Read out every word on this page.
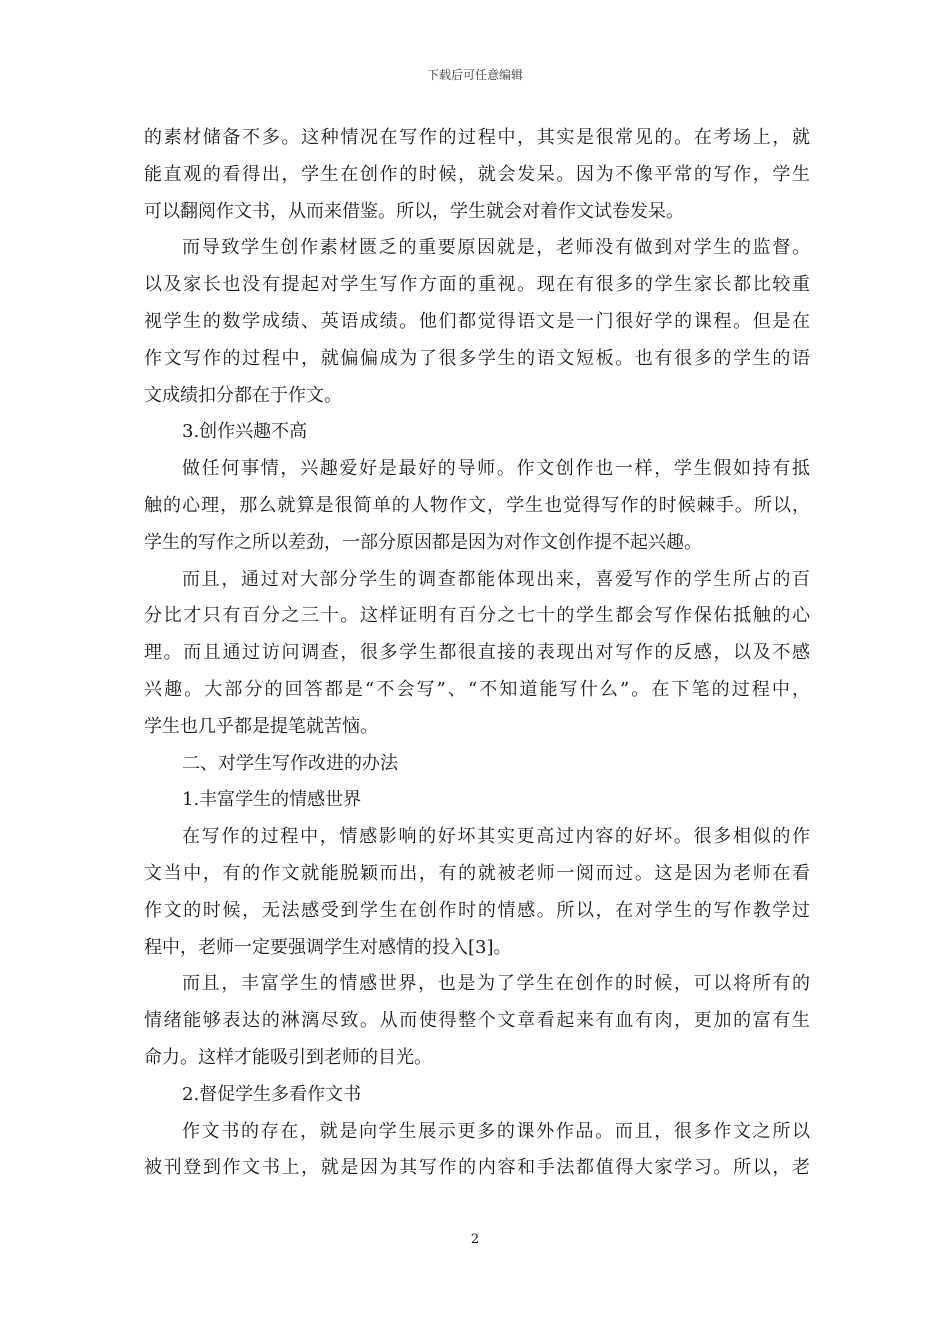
下载后可任意编辑
的素材储备不多。这种情况在写作的过程中，其实是很常见的。在考场上，就
能直观的看得出，学生在创作的时候，就会发呆。因为不像平常的写作，学生
可以翻阅作文书，从而来借鉴。所以，学生就会对着作文试卷发呆。
而导致学生创作素材匮乏的重要原因就是，老师没有做到对学生的监督。
以及家长也没有提起对学生写作方面的重视。现在有很多的学生家长都比较重
视学生的数学成绩、英语成绩。他们都觉得语文是一门很好学的课程。但是在
作文写作的过程中，就偏偏成为了很多学生的语文短板。也有很多的学生的语
文成绩扣分都在于作文。
3.创作兴趣不高
做任何事情，兴趣爱好是最好的导师。作文创作也一样，学生假如持有抵
触的心理，那么就算是很简单的人物作文，学生也觉得写作的时候棘手。所以，
学生的写作之所以差劲，一部分原因都是因为对作文创作提不起兴趣。
而且，通过对大部分学生的调查都能体现出来，喜爱写作的学生所占的百
分比才只有百分之三十。这样证明有百分之七十的学生都会写作保佑抵触的心
理。而且通过访问调查，很多学生都很直接的表现出对写作的反感，以及不感
兴趣。大部分的回答都是“不会写”、“不知道能写什么”。在下笔的过程中，
学生也几乎都是提笔就苦恼。
二、对学生写作改进的办法
1.丰富学生的情感世界
在写作的过程中，情感影响的好坏其实更高过内容的好坏。很多相似的作
文当中，有的作文就能脱颖而出，有的就被老师一阅而过。这是因为老师在看
作文的时候，无法感受到学生在创作时的情感。所以，在对学生的写作教学过
程中，老师一定要强调学生对感情的投入[3]。
而且，丰富学生的情感世界，也是为了学生在创作的时候，可以将所有的
情绪能够表达的淋漓尽致。从而使得整个文章看起来有血有肉，更加的富有生
命力。这样才能吸引到老师的目光。
2.督促学生多看作文书
作文书的存在，就是向学生展示更多的课外作品。而且，很多作文之所以
被刊登到作文书上，就是因为其写作的内容和手法都值得大家学习。所以，老
2
